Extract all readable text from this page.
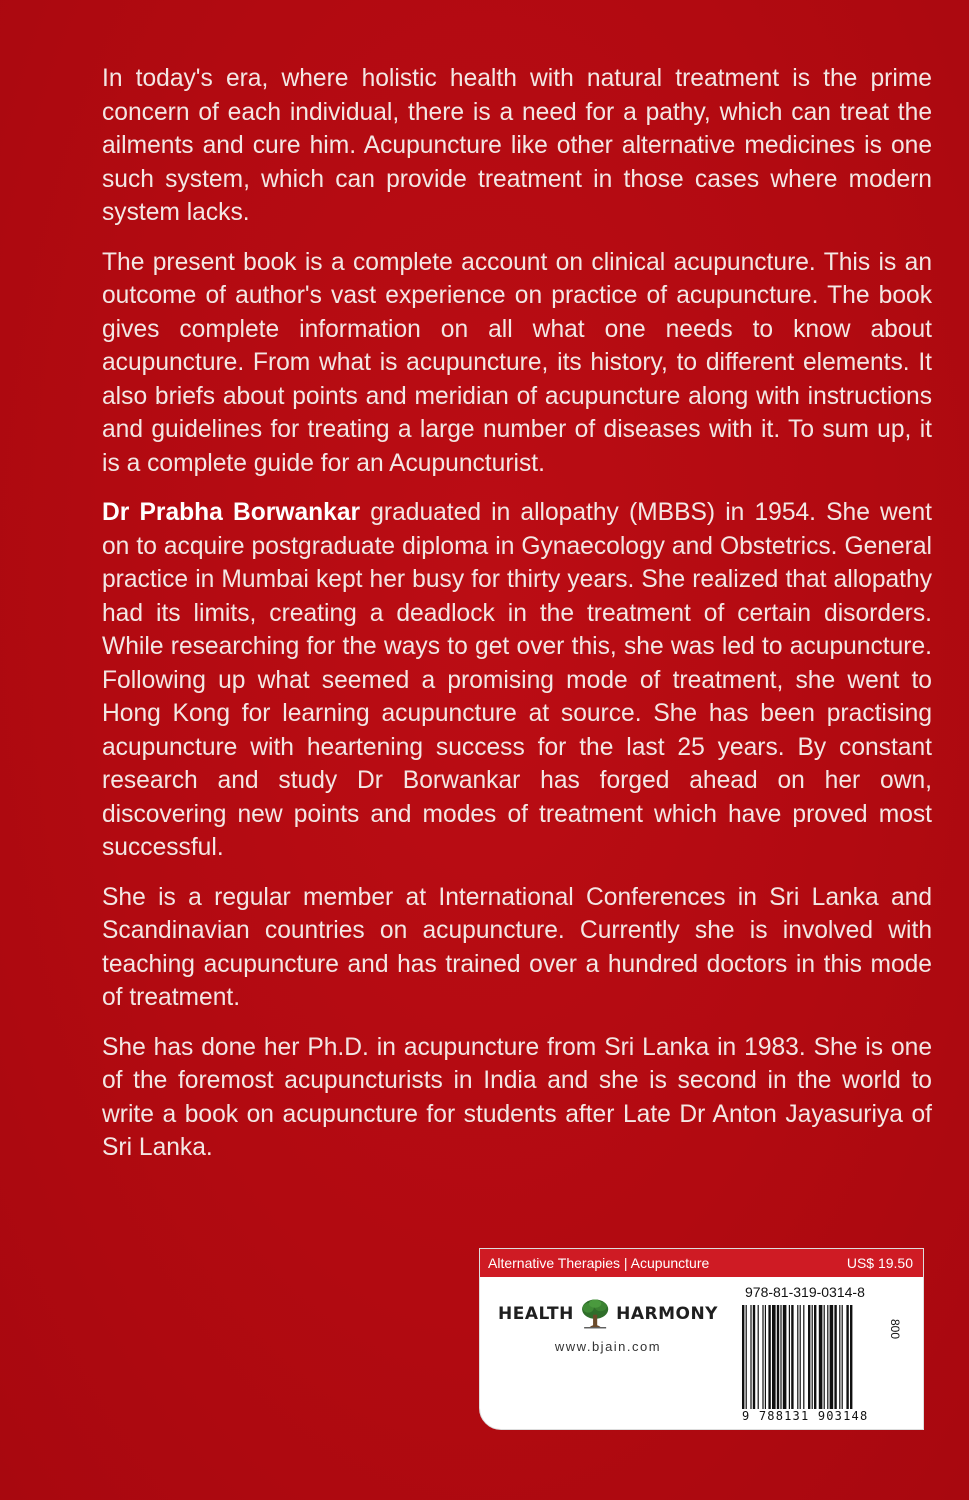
In today's era, where holistic health with natural treatment is the prime concern of each individual, there is a need for a pathy, which can treat the ailments and cure him. Acupuncture like other alternative medicines is one such system, which can provide treatment in those cases where modern system lacks.

The present book is a complete account on clinical acupuncture. This is an outcome of author's vast experience on practice of acupuncture. The book gives complete information on all what one needs to know about acupuncture. From what is acupuncture, its history, to different elements. It also briefs about points and meridian of acupuncture along with instructions and guidelines for treating a large number of diseases with it. To sum up, it is a complete guide for an Acupuncturist.

Dr Prabha Borwankar graduated in allopathy (MBBS) in 1954. She went on to acquire postgraduate diploma in Gynaecology and Obstetrics. General practice in Mumbai kept her busy for thirty years. She realized that allopathy had its limits, creating a deadlock in the treatment of certain disorders. While researching for the ways to get over this, she was led to acupuncture. Following up what seemed a promising mode of treatment, she went to Hong Kong for learning acupuncture at source. She has been practising acupuncture with heartening success for the last 25 years. By constant research and study Dr Borwankar has forged ahead on her own, discovering new points and modes of treatment which have proved most successful.

She is a regular member at International Conferences in Sri Lanka and Scandinavian countries on acupuncture. Currently she is involved with teaching acupuncture and has trained over a hundred doctors in this mode of treatment.

She has done her Ph.D. in acupuncture from Sri Lanka in 1983. She is one of the foremost acupuncturists in India and she is second in the world to write a book on acupuncture for students after Late Dr Anton Jayasuriya of Sri Lanka.

Alternative Therapies | Acupuncture	US$ 19.50
HEALTH HARMONY
www.bjain.com
978-81-319-0314-8
9 788131 903148
800
